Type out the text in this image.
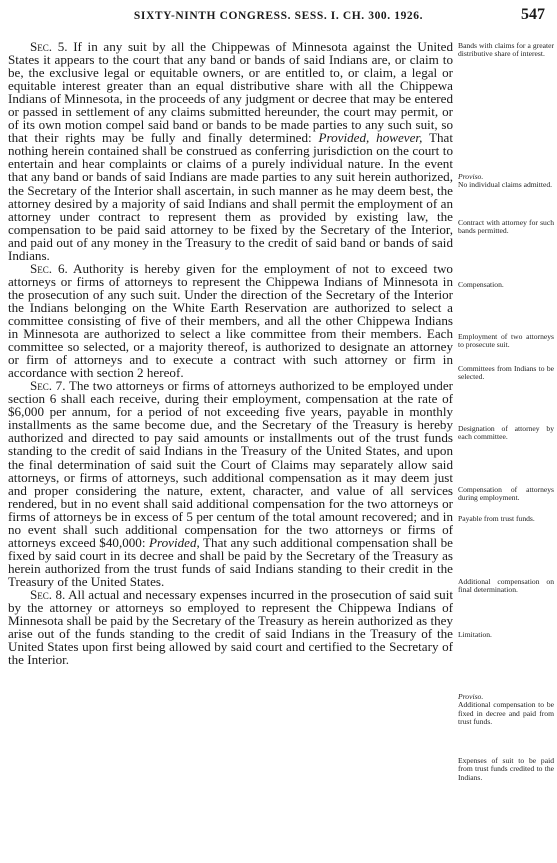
SIXTY-NINTH CONGRESS. SESS. I. CH. 300. 1926.	547

Sec. 5. If in any suit by all the Chippewas of Minnesota against the United States it appears to the court that any band or bands of said Indians are, or claim to be, the exclusive legal or equitable owners, or are entitled to, or claim, a legal or equitable interest greater than an equal distributive share with all the Chippewa Indians of Minnesota, in the proceeds of any judgment or decree that may be entered or passed in settlement of any claims submitted hereunder, the court may permit, or of its own motion compel said band or bands to be made parties to any such suit, so that their rights may be fully and finally determined: Provided, however, That nothing herein contained shall be construed as conferring jurisdiction on the court to entertain and hear complaints or claims of a purely individual nature. In the event that any band or bands of said Indians are made parties to any suit herein authorized, the Secretary of the Interior shall ascertain, in such manner as he may deem best, the attorney desired by a majority of said Indians and shall permit the employment of an attorney under contract to represent them as provided by existing law, the compensation to be paid said attorney to be fixed by the Secretary of the Interior, and paid out of any money in the Treasury to the credit of said band or bands of said Indians.

Sec. 6. Authority is hereby given for the employment of not to exceed two attorneys or firms of attorneys to represent the Chippewa Indians of Minnesota in the prosecution of any such suit. Under the direction of the Secretary of the Interior the Indians belonging on the White Earth Reservation are authorized to select a committee consisting of five of their members, and all the other Chippewa Indians in Minnesota are authorized to select a like committee from their members. Each committee so selected, or a majority thereof, is authorized to designate an attorney or firm of attorneys and to execute a contract with such attorney or firm in accordance with section 2 hereof.

Sec. 7. The two attorneys or firms of attorneys authorized to be employed under section 6 shall each receive, during their employment, compensation at the rate of $6,000 per annum, for a period of not exceeding five years, payable in monthly installments as the same become due, and the Secretary of the Treasury is hereby authorized and directed to pay said amounts or installments out of the trust funds standing to the credit of said Indians in the Treasury of the United States, and upon the final determination of said suit the Court of Claims may separately allow said attorneys, or firms of attorneys, such additional compensation as it may deem just and proper considering the nature, extent, character, and value of all services rendered, but in no event shall said additional compensation for the two attorneys or firms of attorneys be in excess of 5 per centum of the total amount recovered; and in no event shall such additional compensation for the two attorneys or firms of attorneys exceed $40,000: Provided, That any such additional compensation shall be fixed by said court in its decree and shall be paid by the Secretary of the Treasury as herein authorized from the trust funds of said Indians standing to their credit in the Treasury of the United States.

Sec. 8. All actual and necessary expenses incurred in the prosecution of said suit by the attorney or attorneys so employed to represent the Chippewa Indians of Minnesota shall be paid by the Secretary of the Treasury as herein authorized as they arise out of the funds standing to the credit of said Indians in the Treasury of the United States upon first being allowed by said court and certified to the Secretary of the Interior.

Bands with claims for a greater distributive share of interest.
Proviso.
No individual claims admitted.
Contract with attorney for such bands permitted.
Compensation.
Employment of two attorneys to prosecute suit.
Committees from Indians to be selected.
Designation of attorney by each committee.
Compensation of attorneys during employment.
Payable from trust funds.
Additional compensation on final determination.
Limitation.
Proviso.
Additional compensation to be fixed in decree and paid from trust funds.
Expenses of suit to be paid from trust funds credited to the Indians.
